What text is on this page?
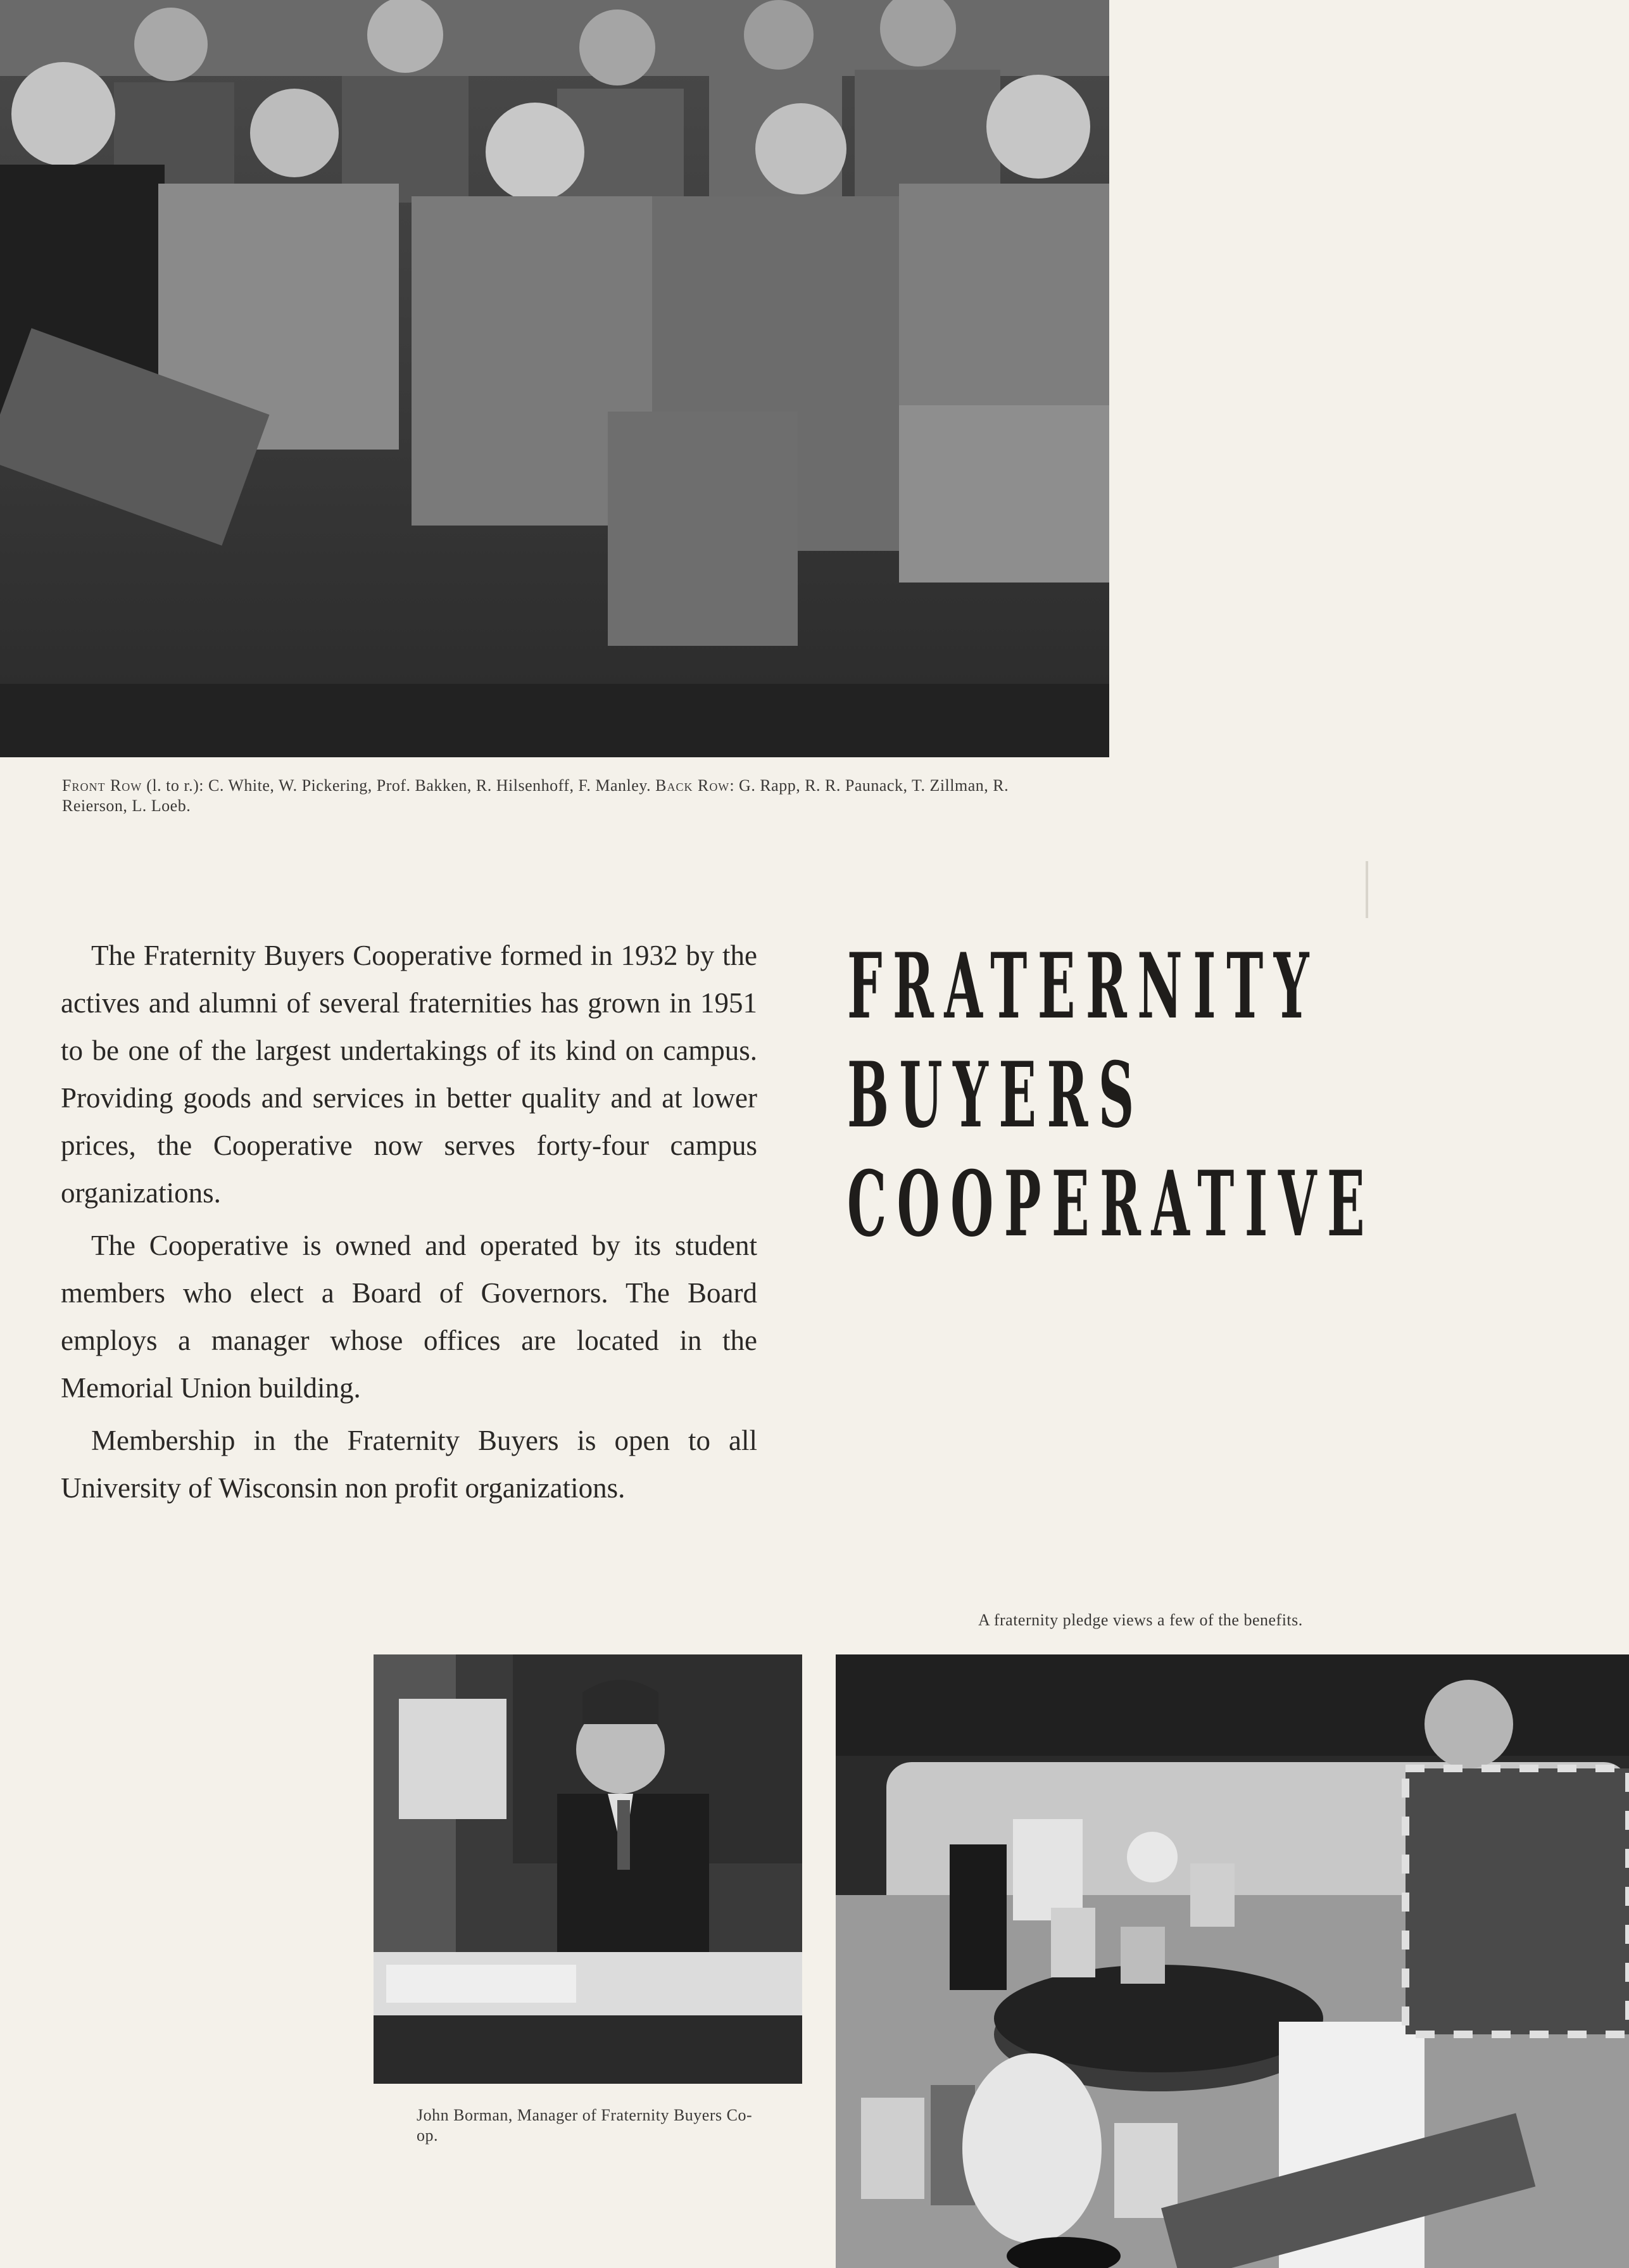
Front Row (l. to r.): C. White, W. Pickering, Prof. Bakken, R. Hilsenhoff, F. Manley. Back Row: G. Rapp, R. R. Paunack, T. Zillman, R. Reierson, L. Loeb.

The Fraternity Buyers Cooperative formed in 1932 by the actives and alumni of several fraternities has grown in 1951 to be one of the largest undertakings of its kind on campus. Providing goods and services in better quality and at lower prices, the Cooperative now serves forty-four campus organizations.

The Cooperative is owned and operated by its student members who elect a Board of Governors. The Board employs a manager whose offices are located in the Memorial Union building.

Membership in the Fraternity Buyers is open to all University of Wisconsin non profit organizations.

FRATERNITY
BUYERS
COOPERATIVE
A fraternity pledge views a few of the benefits.
John Borman, Manager of Fraternity Buyers Co-op.
